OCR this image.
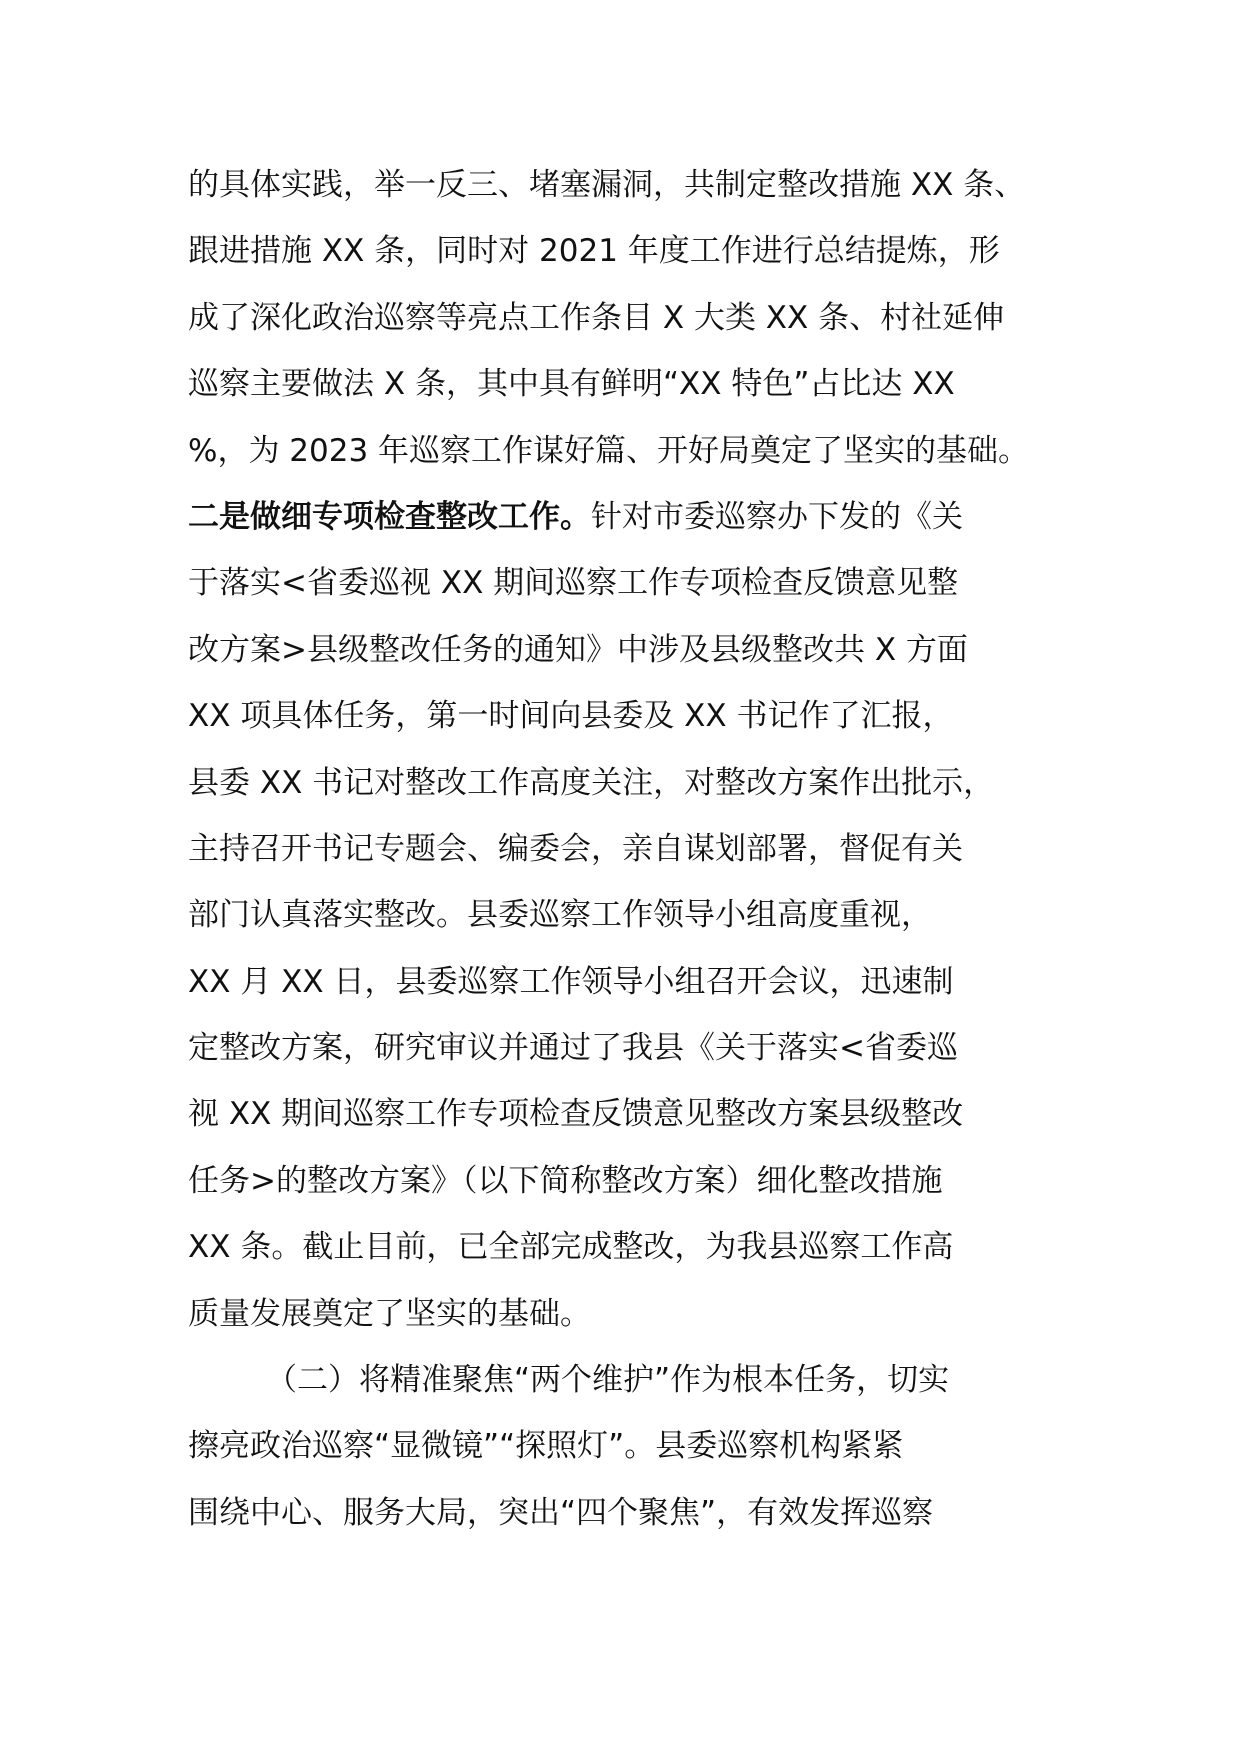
的具体实践，举一反三、堵塞漏洞，共制定整改措施 XX 条、
跟进措施 XX 条，同时对 2021 年度工作进行总结提炼，形
成了深化政治巡察等亮点工作条目 X 大类 XX 条、村社延伸
巡察主要做法 X 条，其中具有鲜明“XX 特色”占比达 XX
%，为 2023 年巡察工作谋好篇、开好局奠定了坚实的基础。
二是做细专项检查整改工作。针对市委巡察办下发的《关
于落实<省委巡视 XX 期间巡察工作专项检查反馈意见整
改方案>县级整改任务的通知》中涉及县级整改共 X 方面
XX 项具体任务，第一时间向县委及 XX 书记作了汇报，
县委 XX 书记对整改工作高度关注，对整改方案作出批示，
主持召开书记专题会、编委会，亲自谋划部署，督促有关
部门认真落实整改。县委巡察工作领导小组高度重视，
XX 月 XX 日，县委巡察工作领导小组召开会议，迅速制
定整改方案，研究审议并通过了我县《关于落实<省委巡
视 XX 期间巡察工作专项检查反馈意见整改方案县级整改
任务>的整改方案》（以下简称整改方案）细化整改措施
XX 条。截止目前，已全部完成整改，为我县巡察工作高
质量发展奠定了坚实的基础。
（二）将精准聚焦“两个维护”作为根本任务，切实
擦亮政治巡察“显微镜”“探照灯”。县委巡察机构紧紧
围绕中心、服务大局，突出“四个聚焦”，有效发挥巡察
